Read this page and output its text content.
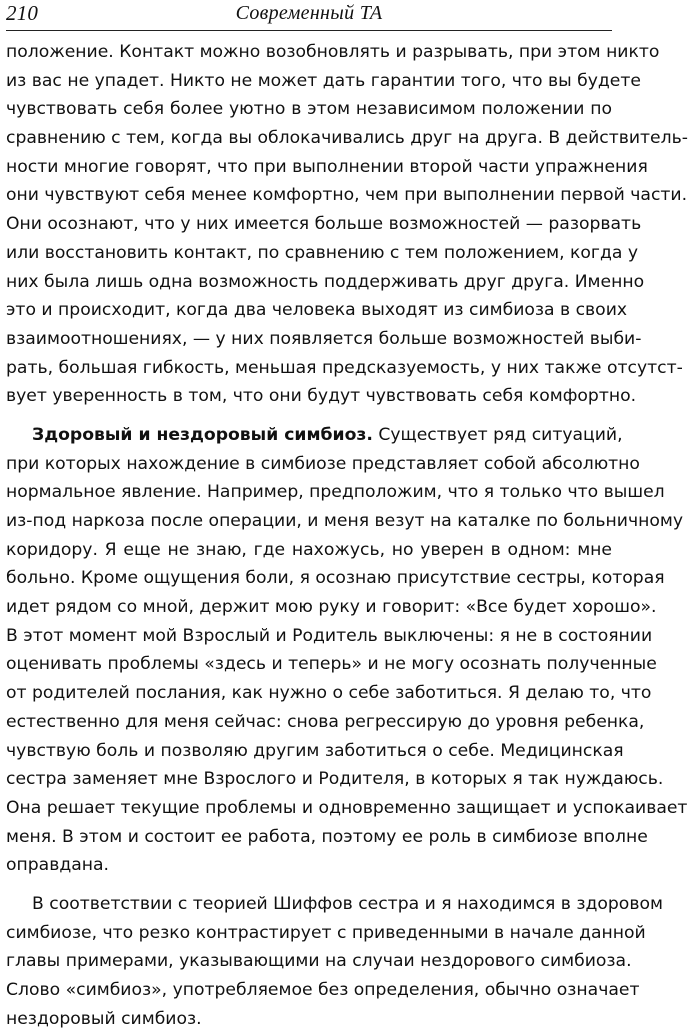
210	Современный ТА
положение. Контакт можно возобновлять и разрывать, при этом никто
из вас не упадет. Никто не может дать гарантии того, что вы будете
чувствовать себя более уютно в этом независимом положении по
сравнению с тем, когда вы облокачивались друг на друга. В действитель-
ности многие говорят, что при выполнении второй части упражнения
они чувствуют себя менее комфортно, чем при выполнении первой части.
Они осознают, что у них имеется больше возможностей — разорвать
или восстановить контакт, по сравнению с тем положением, когда у
них была лишь одна возможность поддерживать друг друга. Именно
это и происходит, когда два человека выходят из симбиоза в своих
взаимоотношениях, — у них появляется больше возможностей выби-
рать, большая гибкость, меньшая предсказуемость, у них также отсутст-
вует уверенность в том, что они будут чувствовать себя комфортно.
Здоровый и нездоровый симбиоз. Существует ряд ситуаций,
при которых нахождение в симбиозе представляет собой абсолютно
нормальное явление. Например, предположим, что я только что вышел
из-под наркоза после операции, и меня везут на каталке по больничному
коридору. Я еще не знаю, где нахожусь, но уверен в одном: мне
больно. Кроме ощущения боли, я осознаю присутствие сестры, которая
идет рядом со мной, держит мою руку и говорит: «Все будет хорошо».
В этот момент мой Взрослый и Родитель выключены: я не в состоянии
оценивать проблемы «здесь и теперь» и не могу осознать полученные
от родителей послания, как нужно о себе заботиться. Я делаю то, что
естественно для меня сейчас: снова регрессирую до уровня ребенка,
чувствую боль и позволяю другим заботиться о себе. Медицинская
сестра заменяет мне Взрослого и Родителя, в которых я так нуждаюсь.
Она решает текущие проблемы и одновременно защищает и успокаивает
меня. В этом и состоит ее работа, поэтому ее роль в симбиозе вполне
оправдана.
В соответствии с теорией Шиффов сестра и я находимся в здоровом
симбиозе, что резко контрастирует с приведенными в начале данной
главы примерами, указывающими на случаи нездорового симбиоза.
Слово «симбиоз», употребляемое без определения, обычно означает
нездоровый симбиоз.
